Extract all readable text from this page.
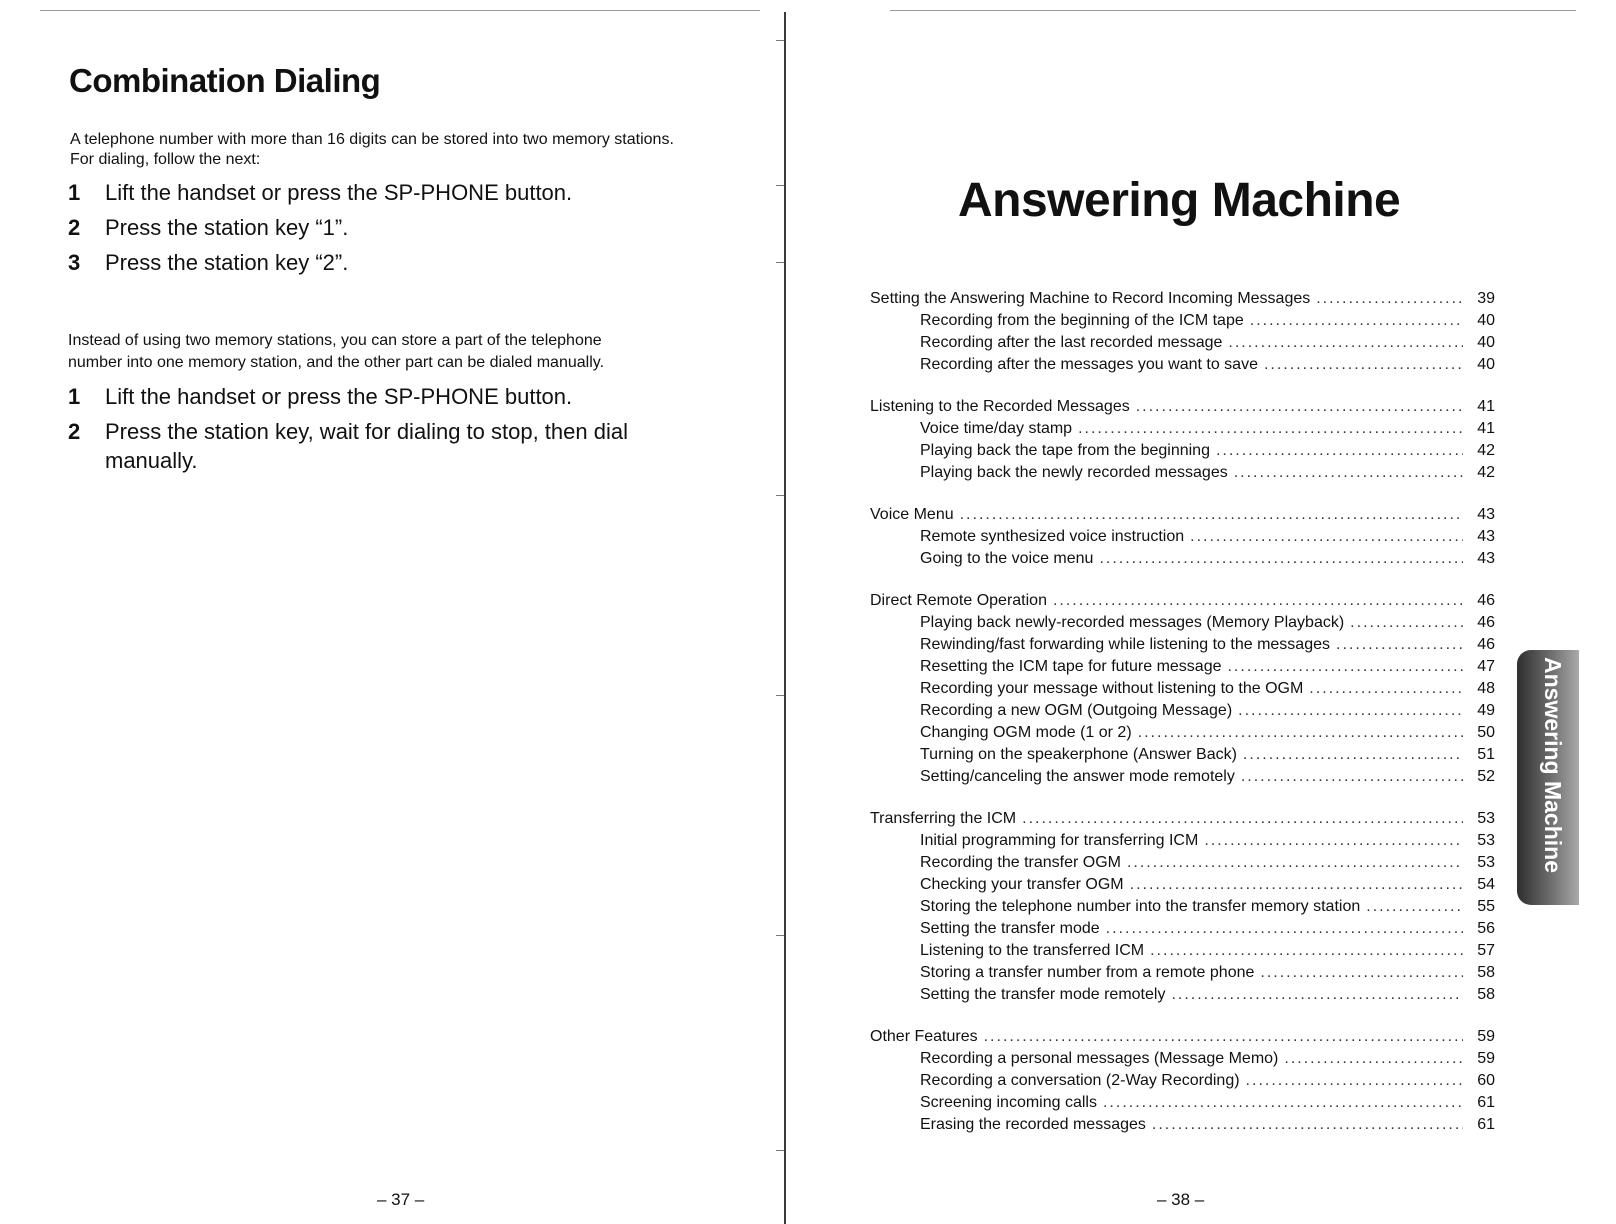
Combination Dialing
A telephone number with more than 16 digits can be stored into two memory stations.
For dialing, follow the next:
1 Lift the handset or press the SP-PHONE button.
2 Press the station key “1”.
3 Press the station key “2”.
Instead of using two memory stations, you can store a part of the telephone
number into one memory station, and the other part can be dialed manually.
1 Lift the handset or press the SP-PHONE button.
2 Press the station key, wait for dialing to stop, then dial manually.
– 37 –
Answering Machine
Setting the Answering Machine to Record Incoming Messages .....	39
Recording from the beginning of the ICM tape .....	40
Recording after the last recorded message .....	40
Recording after the messages you want to save .....	40
Listening to the Recorded Messages .....	41
Voice time/day stamp .....	41
Playing back the tape from the beginning .....	42
Playing back the newly recorded messages .....	42
Voice Menu .....	43
Remote synthesized voice instruction .....	43
Going to the voice menu .....	43
Direct Remote Operation .....	46
Playing back newly-recorded messages (Memory Playback) .....	46
Rewinding/fast forwarding while listening to the messages .....	46
Resetting the ICM tape for future message .....	47
Recording your message without listening to the OGM .....	48
Recording a new OGM (Outgoing Message) .....	49
Changing OGM mode (1 or 2) .....	50
Turning on the speakerphone (Answer Back) .....	51
Setting/canceling the answer mode remotely .....	52
Transferring the ICM .....	53
Initial programming for transferring ICM .....	53
Recording the transfer OGM .....	53
Checking your transfer OGM .....	54
Storing the telephone number into the transfer memory station .....	55
Setting the transfer mode .....	56
Listening to the transferred ICM .....	57
Storing a transfer number from a remote phone .....	58
Setting the transfer mode remotely .....	58
Other Features .....	59
Recording a personal messages (Message Memo) .....	59
Recording a conversation (2-Way Recording) .....	60
Screening incoming calls .....	61
Erasing the recorded messages .....	61
Answering Machine
– 38 –
